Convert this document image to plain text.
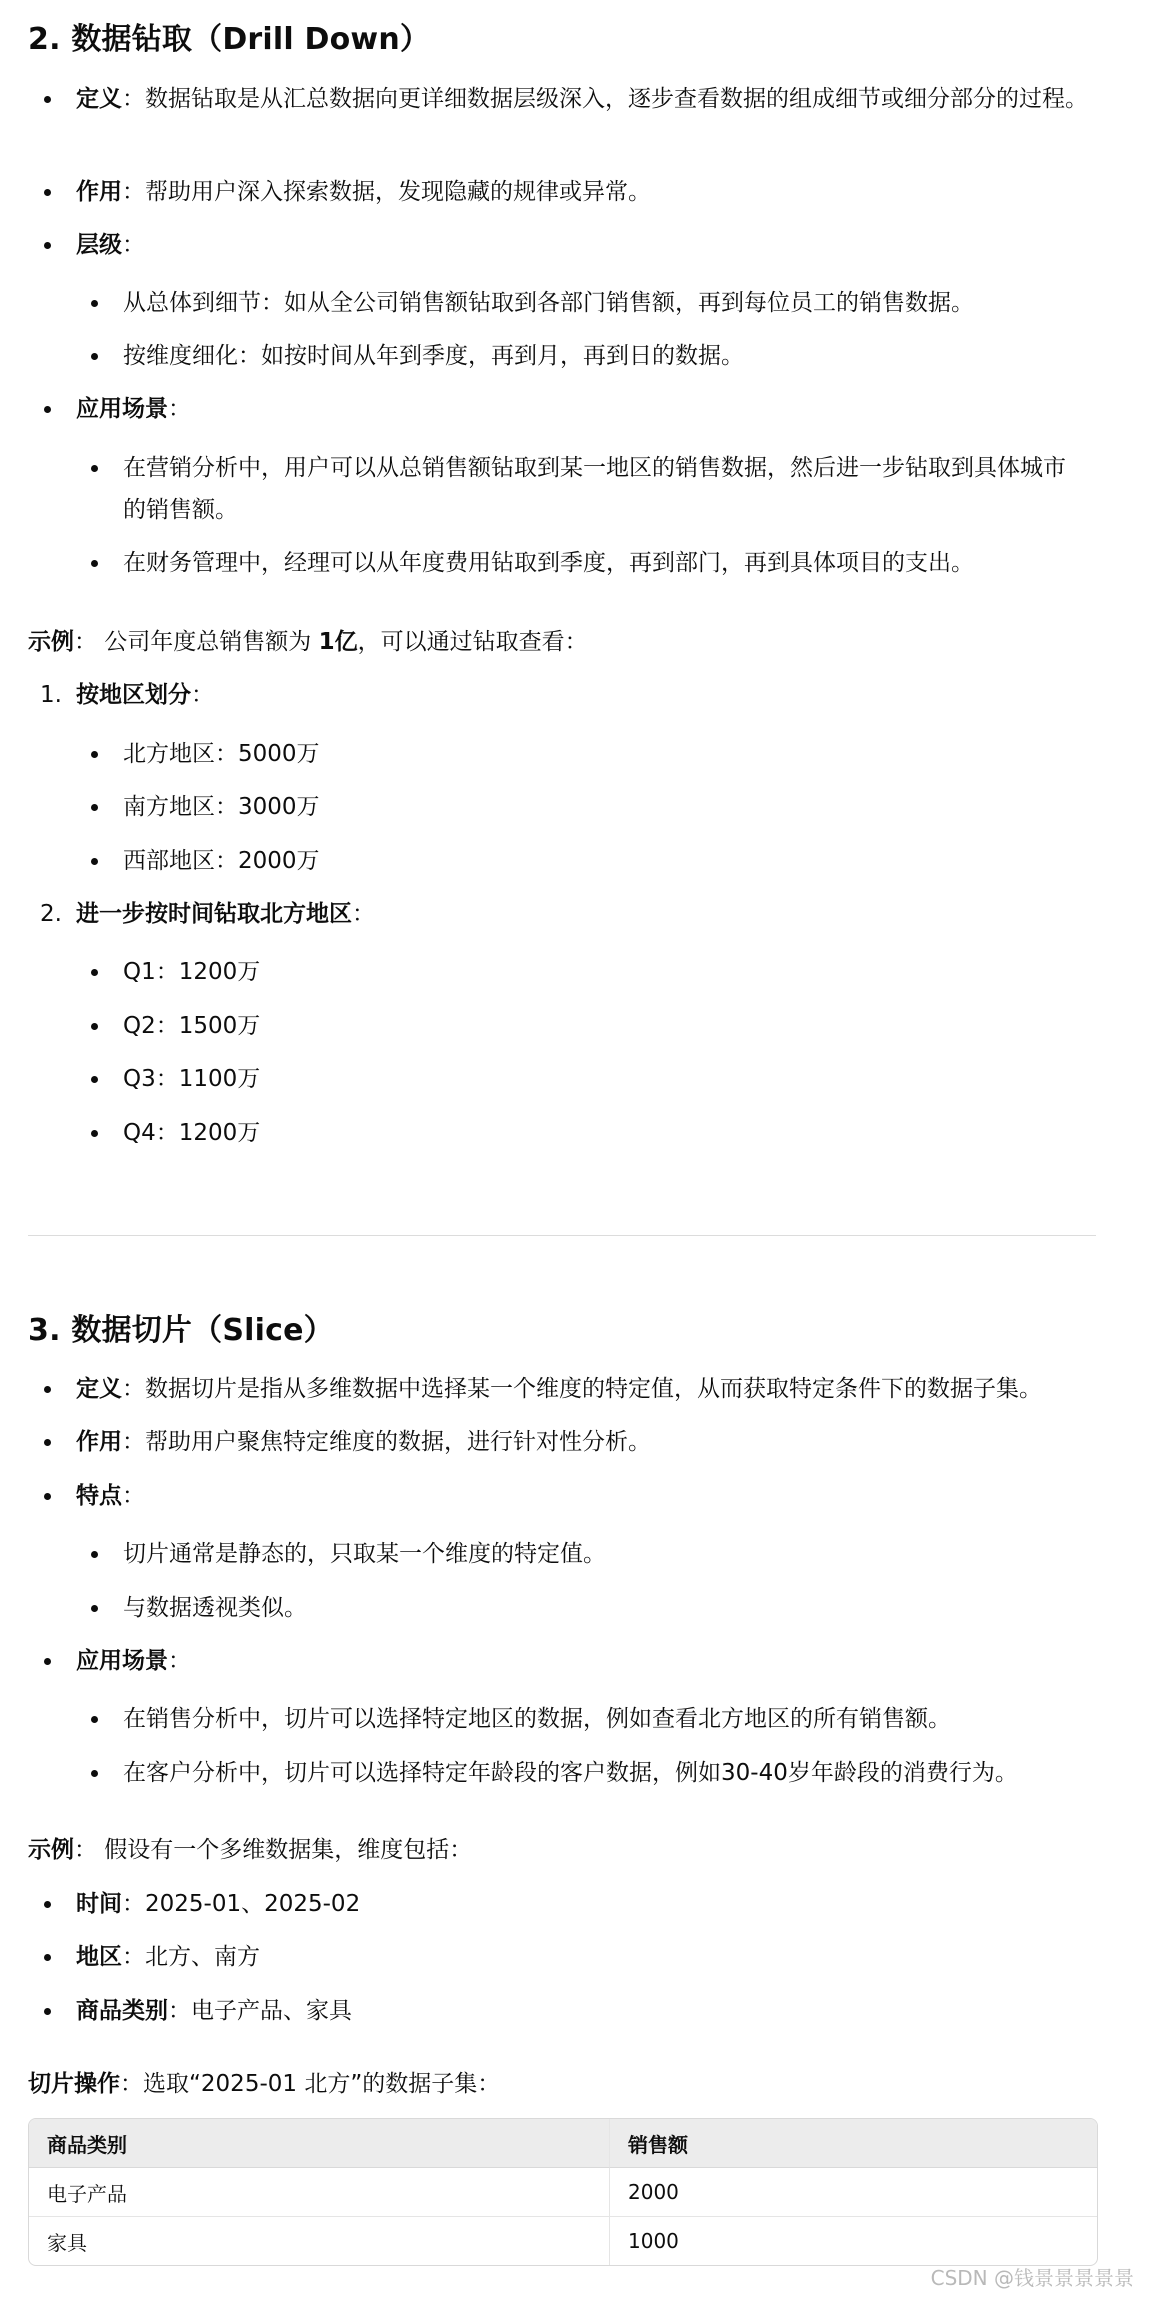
2. 数据钻取（Drill Down）
定义：数据钻取是从汇总数据向更详细数据层级深入，逐步查看数据的组成细节或细分部分的过程。
作用：帮助用户深入探索数据，发现隐藏的规律或异常。
层级：
从总体到细节：如从全公司销售额钻取到各部门销售额，再到每位员工的销售数据。
按维度细化：如按时间从年到季度，再到月，再到日的数据。
应用场景：
在营销分析中，用户可以从总销售额钻取到某一地区的销售数据，然后进一步钻取到具体城市的销售额。
在财务管理中，经理可以从年度费用钻取到季度，再到部门，再到具体项目的支出。
示例： 公司年度总销售额为 1亿，可以通过钻取查看：
1. 按地区划分：
北方地区：5000万
南方地区：3000万
西部地区：2000万
2. 进一步按时间钻取北方地区：
Q1：1200万
Q2：1500万
Q3：1100万
Q4：1200万
3. 数据切片（Slice）
定义：数据切片是指从多维数据中选择某一个维度的特定值，从而获取特定条件下的数据子集。
作用：帮助用户聚焦特定维度的数据，进行针对性分析。
特点：
切片通常是静态的，只取某一个维度的特定值。
与数据透视类似。
应用场景：
在销售分析中，切片可以选择特定地区的数据，例如查看北方地区的所有销售额。
在客户分析中，切片可以选择特定年龄段的客户数据，例如30-40岁年龄段的消费行为。
示例： 假设有一个多维数据集，维度包括：
时间：2025-01、2025-02
地区：北方、南方
商品类别：电子产品、家具
切片操作：选取“2025-01 北方”的数据子集：
商品类别	销售额
电子产品	2000
家具	1000
CSDN @钱景景景景景
